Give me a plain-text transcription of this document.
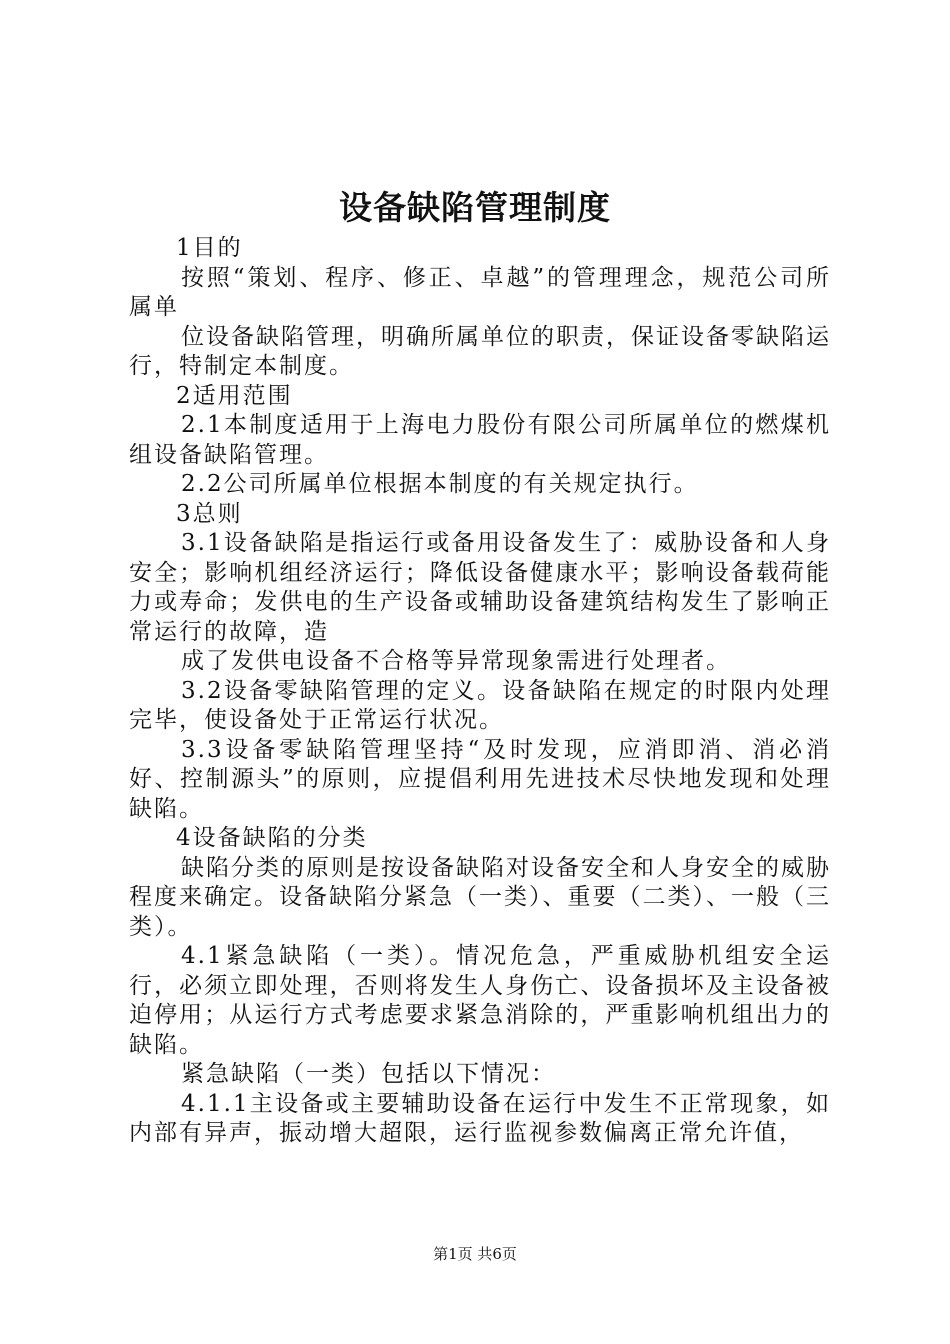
设备缺陷管理制度

1目的

按照“策划、程序、修正、卓越”的管理理念，规范公司所属单

位设备缺陷管理，明确所属单位的职责，保证设备零缺陷运行，特制定本制度。

2适用范围

2.1本制度适用于上海电力股份有限公司所属单位的燃煤机组设备缺陷管理。

2.2公司所属单位根据本制度的有关规定执行。

3总则

3.1设备缺陷是指运行或备用设备发生了：威胁设备和人身安全；影响机组经济运行；降低设备健康水平；影响设备载荷能力或寿命；发供电的生产设备或辅助设备建筑结构发生了影响正常运行的故障，造

成了发供电设备不合格等异常现象需进行处理者。

3.2设备零缺陷管理的定义。设备缺陷在规定的时限内处理完毕，使设备处于正常运行状况。

3.3设备零缺陷管理坚持“及时发现，应消即消、消必消好、控制源头”的原则，应提倡利用先进技术尽快地发现和处理缺陷。

4设备缺陷的分类

缺陷分类的原则是按设备缺陷对设备安全和人身安全的威胁程度来确定。设备缺陷分紧急（一类）、重要（二类）、一般（三类）。

4.1紧急缺陷（一类）。情况危急，严重威胁机组安全运行，必须立即处理，否则将发生人身伤亡、设备损坏及主设备被迫停用；从运行方式考虑要求紧急消除的，严重影响机组出力的缺陷。

紧急缺陷（一类）包括以下情况：

4.1.1主设备或主要辅助设备在运行中发生不正常现象，如内部有异声，振动增大超限，运行监视参数偏离正常允许值，

第1页 共6页
